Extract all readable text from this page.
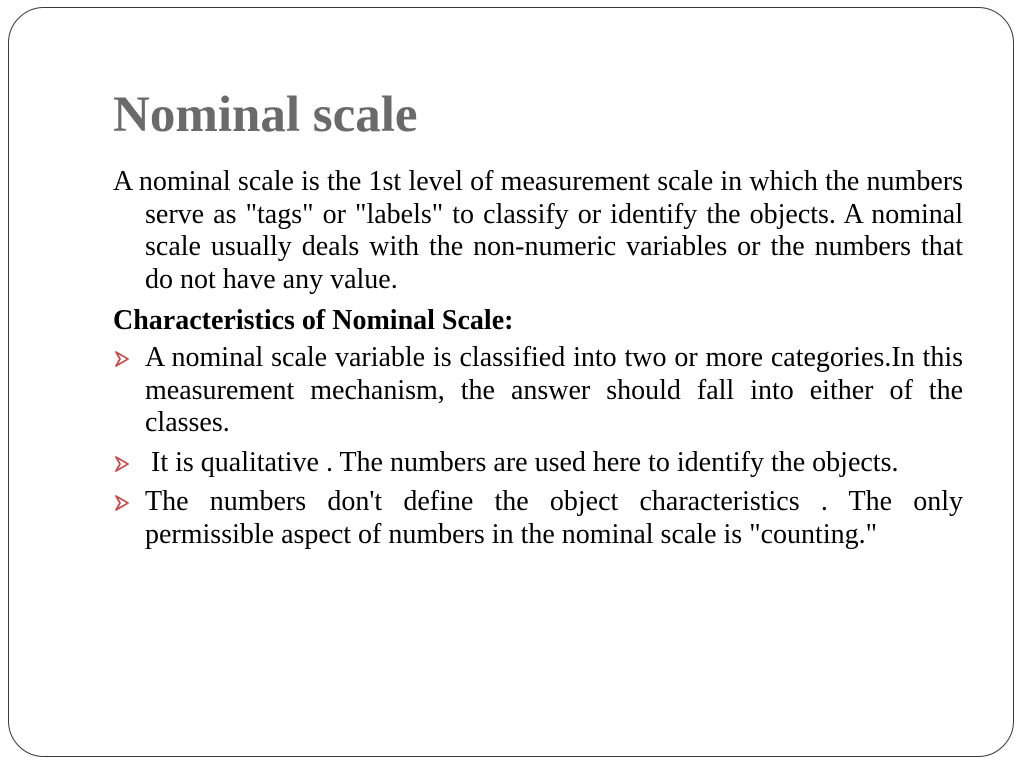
Nominal scale

A nominal scale is the 1st level of measurement scale in which the numbers serve as "tags" or "labels" to classify or identify the objects. A nominal scale usually deals with the non-numeric variables or the numbers that do not have any value.

Characteristics of Nominal Scale:

A nominal scale variable is classified into two or more categories.In this measurement mechanism, the answer should fall into either of the classes.
It is qualitative . The numbers are used here to identify the objects.
The numbers don't define the object characteristics . The only permissible aspect of numbers in the nominal scale is "counting."
